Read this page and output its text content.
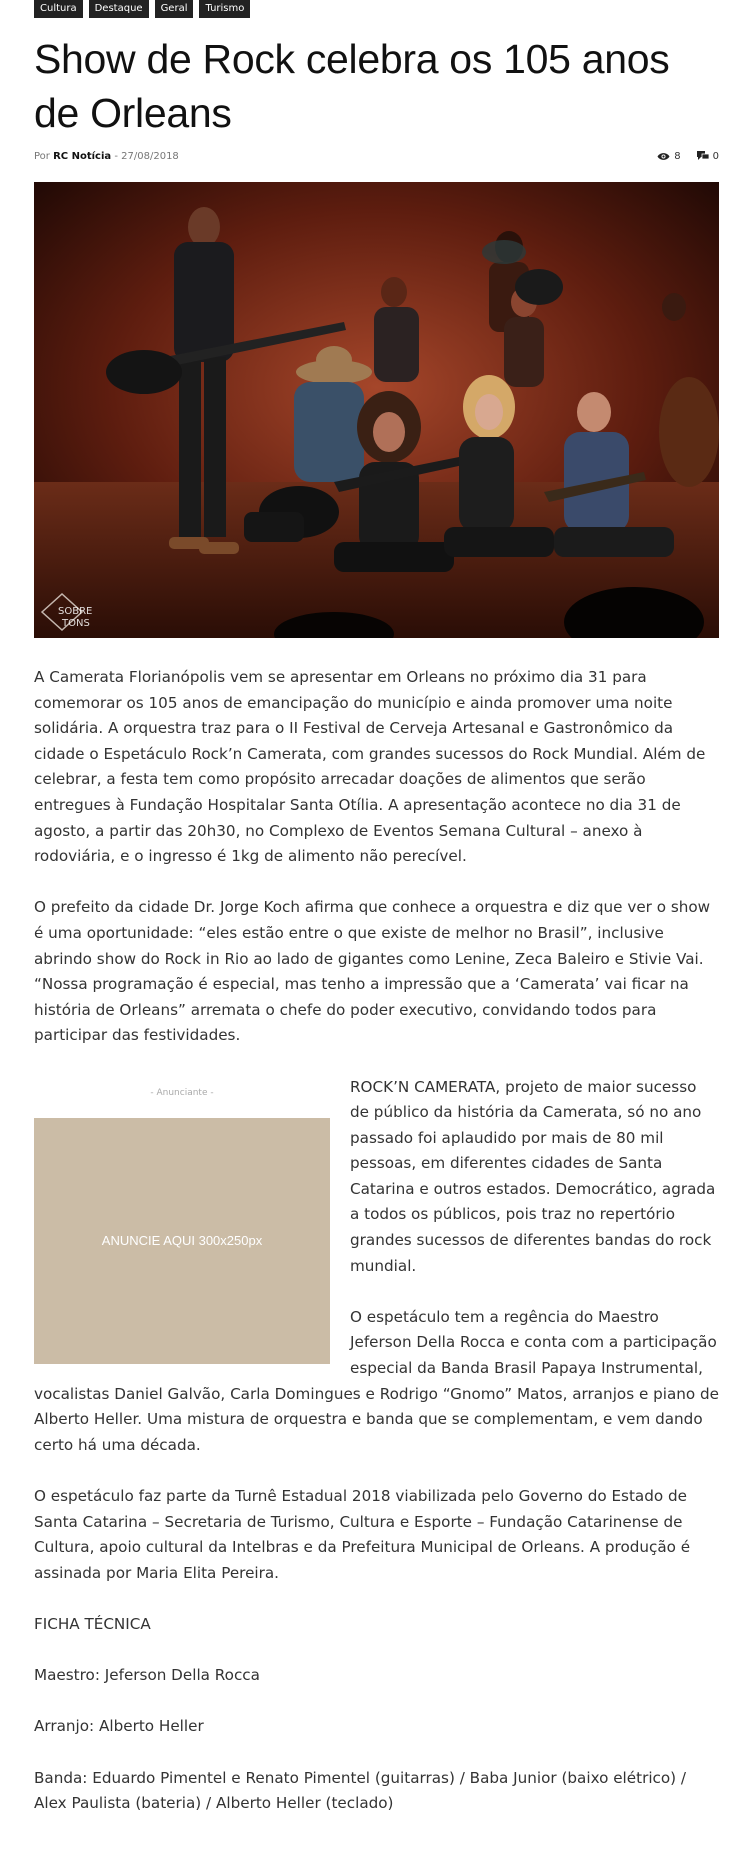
Cultura	Destaque	Geral	Turismo
Show de Rock celebra os 105 anos de Orleans
Por RC Notícia - 27/08/2018	8	0
SOBRE
TONS

A Camerata Florianópolis vem se apresentar em Orleans no próximo dia 31 para comemorar os 105 anos de emancipação do município e ainda promover uma noite solidária. A orquestra traz para o II Festival de Cerveja Artesanal e Gastronômico da cidade o Espetáculo Rock’n Camerata, com grandes sucessos do Rock Mundial. Além de celebrar, a festa tem como propósito arrecadar doações de alimentos que serão entregues à Fundação Hospitalar Santa Otília. A apresentação acontece no dia 31 de agosto, a partir das 20h30, no Complexo de Eventos Semana Cultural – anexo à rodoviária, e o ingresso é 1kg de alimento não perecível.

O prefeito da cidade Dr. Jorge Koch afirma que conhece a orquestra e diz que ver o show é uma oportunidade: “eles estão entre o que existe de melhor no Brasil”, inclusive abrindo show do Rock in Rio ao lado de gigantes como Lenine, Zeca Baleiro e Stivie Vai. “Nossa programação é especial, mas tenho a impressão que a ‘Camerata’ vai ficar na história de Orleans” arremata o chefe do poder executivo, convidando todos para participar das festividades.

- Anunciante -
ANUNCIE AQUI 300x250px

ROCK’N CAMERATA, projeto de maior sucesso de público da história da Camerata, só no ano passado foi aplaudido por mais de 80 mil pessoas, em diferentes cidades de Santa Catarina e outros estados. Democrático, agrada a todos os públicos, pois traz no repertório grandes sucessos de diferentes bandas do rock mundial.

O espetáculo tem a regência do Maestro Jeferson Della Rocca e conta com a participação especial da Banda Brasil Papaya Instrumental, vocalistas Daniel Galvão, Carla Domingues e Rodrigo “Gnomo” Matos, arranjos e piano de Alberto Heller. Uma mistura de orquestra e banda que se complementam, e vem dando certo há uma década.

O espetáculo faz parte da Turnê Estadual 2018 viabilizada pelo Governo do Estado de Santa Catarina – Secretaria de Turismo, Cultura e Esporte – Fundação Catarinense de Cultura, apoio cultural da Intelbras e da Prefeitura Municipal de Orleans. A produção é assinada por Maria Elita Pereira.

FICHA TÉCNICA

Maestro: Jeferson Della Rocca

Arranjo: Alberto Heller

Banda: Eduardo Pimentel e Renato Pimentel (guitarras) / Baba Junior (baixo elétrico) / Alex Paulista (bateria) / Alberto Heller (teclado)
